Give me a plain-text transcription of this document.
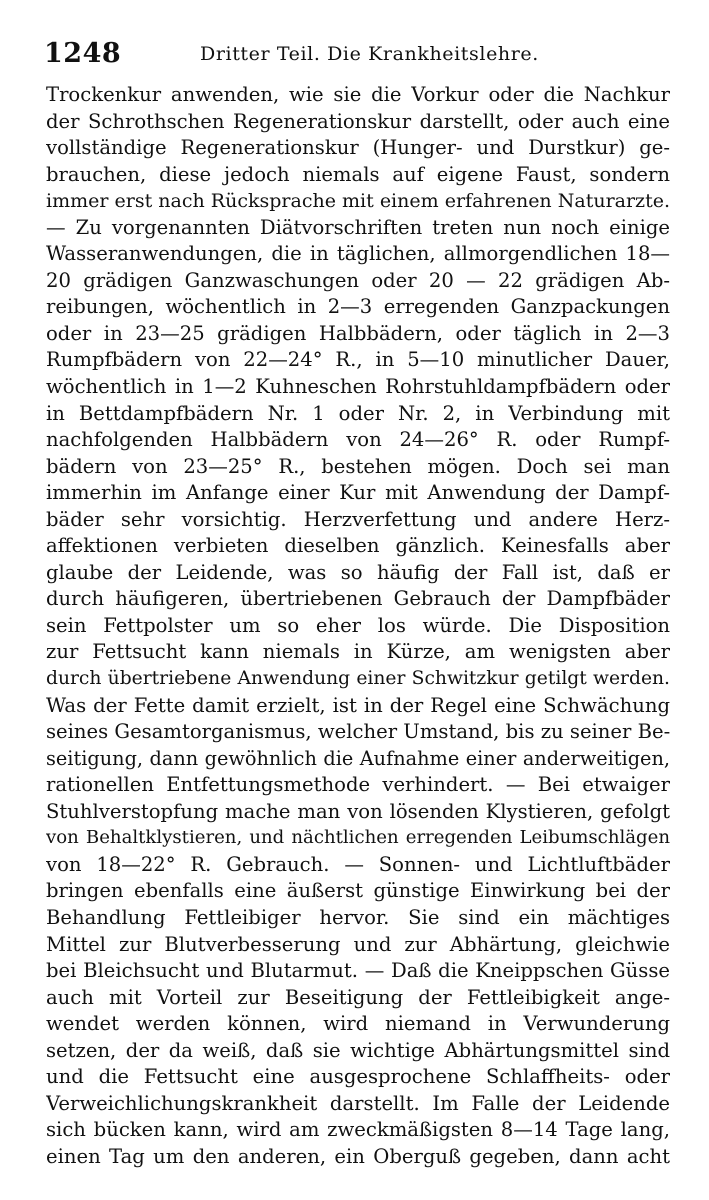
1248	Dritter Teil. Die Krankheitslehre.
Trockenkur anwenden, wie sie die Vorkur oder die Nachkur
der Schrothschen Regenerationskur darstellt, oder auch eine
vollständige Regenerationskur (Hunger- und Durstkur) ge-
brauchen, diese jedoch niemals auf eigene Faust, sondern
immer erst nach Rücksprache mit einem erfahrenen Naturarzte.
— Zu vorgenannten Diätvorschriften treten nun noch einige
Wasseranwendungen, die in täglichen, allmorgendlichen 18—
20 grädigen Ganzwaschungen oder 20 — 22 grädigen Ab-
reibungen, wöchentlich in 2—3 erregenden Ganzpackungen
oder in 23—25 grädigen Halbbädern, oder täglich in 2—3
Rumpfbädern von 22—24° R., in 5—10 minutlicher Dauer,
wöchentlich in 1—2 Kuhneschen Rohrstuhldampfbädern oder
in Bettdampfbädern Nr. 1 oder Nr. 2, in Verbindung mit
nachfolgenden Halbbädern von 24—26° R. oder Rumpf-
bädern von 23—25° R., bestehen mögen. Doch sei man
immerhin im Anfange einer Kur mit Anwendung der Dampf-
bäder sehr vorsichtig. Herzverfettung und andere Herz-
affektionen verbieten dieselben gänzlich. Keinesfalls aber
glaube der Leidende, was so häufig der Fall ist, daß er
durch häufigeren, übertriebenen Gebrauch der Dampfbäder
sein Fettpolster um so eher los würde. Die Disposition
zur Fettsucht kann niemals in Kürze, am wenigsten aber
durch übertriebene Anwendung einer Schwitzkur getilgt werden.
Was der Fette damit erzielt, ist in der Regel eine Schwächung
seines Gesamtorganismus, welcher Umstand, bis zu seiner Be-
seitigung, dann gewöhnlich die Aufnahme einer anderweitigen,
rationellen Entfettungsmethode verhindert. — Bei etwaiger
Stuhlverstopfung mache man von lösenden Klystieren, gefolgt
von Behaltklystieren, und nächtlichen erregenden Leibumschlägen
von 18—22° R. Gebrauch. — Sonnen- und Lichtluftbäder
bringen ebenfalls eine äußerst günstige Einwirkung bei der
Behandlung Fettleibiger hervor. Sie sind ein mächtiges
Mittel zur Blutverbesserung und zur Abhärtung, gleichwie
bei Bleichsucht und Blutarmut. — Daß die Kneippschen Güsse
auch mit Vorteil zur Beseitigung der Fettleibigkeit ange-
wendet werden können, wird niemand in Verwunderung
setzen, der da weiß, daß sie wichtige Abhärtungsmittel sind
und die Fettsucht eine ausgesprochene Schlaffheits- oder
Verweichlichungskrankheit darstellt. Im Falle der Leidende
sich bücken kann, wird am zweckmäßigsten 8—14 Tage lang,
einen Tag um den anderen, ein Oberguß gegeben, dann acht
